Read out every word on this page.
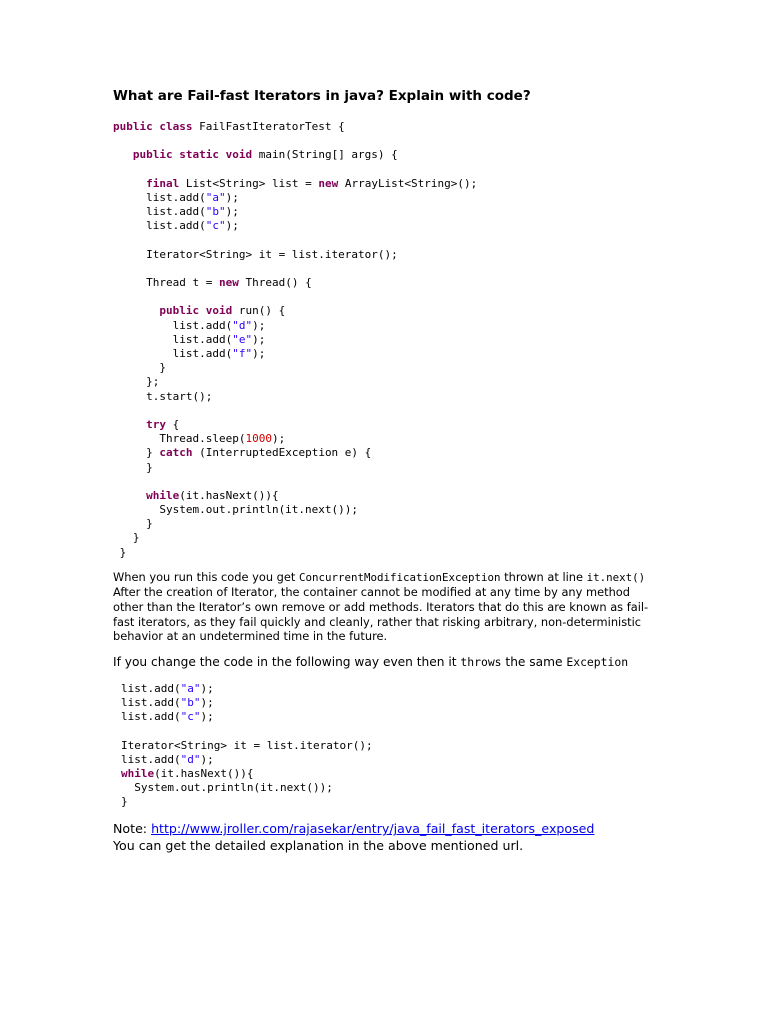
What are Fail-fast Iterators in java? Explain with code?
public class FailFastIteratorTest {

public static void main(String[] args) {

final List<String> list = new ArrayList<String>();
list.add("a");
list.add("b");
list.add("c");

Iterator<String> it = list.iterator();

Thread t = new Thread() {

public void run() {
list.add("d");
list.add("e");
list.add("f");
}
};
t.start();

try {
Thread.sleep(1000);
} catch (InterruptedException e) {
}

while(it.hasNext()){
System.out.println(it.next());
}
}
}

When you run this code you get ConcurrentModificationException thrown at line it.next() After the creation of Iterator, the container cannot be modified at any time by any method other than the Iterator’s own remove or add methods. Iterators that do this are known as fail-fast iterators, as they fail quickly and cleanly, rather that risking arbitrary, non-deterministic behavior at an undetermined time in the future.

If you change the code in the following way even then it throws the same Exception

list.add("a");
list.add("b");
list.add("c");

Iterator<String> it = list.iterator();
list.add("d");
while(it.hasNext()){
System.out.println(it.next());
}

Note: http://www.jroller.com/rajasekar/entry/java_fail_fast_iterators_exposed

You can get the detailed explanation in the above mentioned url.
